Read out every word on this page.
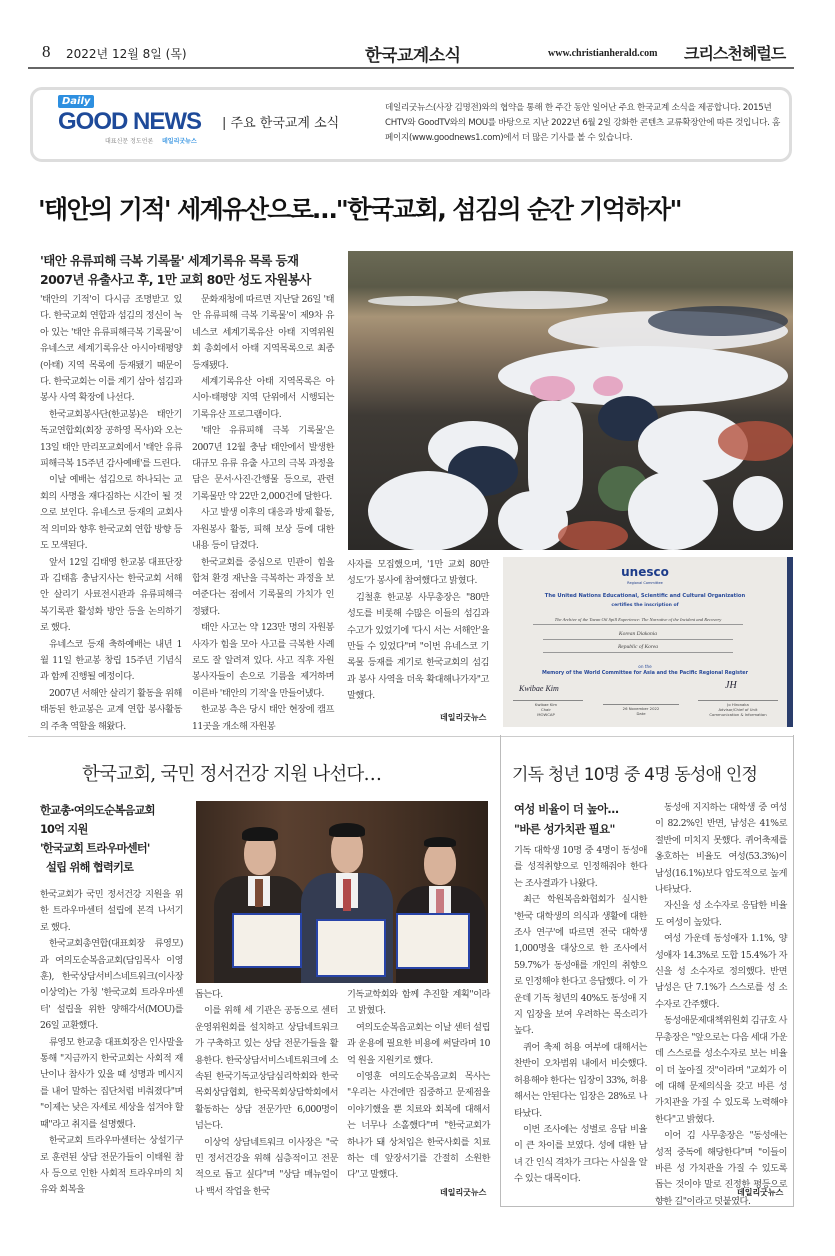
8 2022년 12월 8일 (목)	한국교계소식	www.christianherald.com 크리스천헤럴드
Daily
GOOD NEWS
대표신문 정도언론 데일리굿뉴스
| 주요 한국교계 소식
데일리굿뉴스(사장 김명전)와의 협약을 통해 한 주간 동안 일어난 주요 한국교계 소식을 제공합니다. 2015년 CHTV와 GoodTV와의 MOU를 바탕으로 지난 2022년 6월 2일 강화한 콘텐츠 교류확장안에 따른 것입니다. 홈페이지(www.goodnews1.com)에서 더 많은 기사를 볼 수 있습니다.
'태안의 기적' 세계유산으로…"한국교회, 섬김의 순간 기억하자"
'태안 유류피해 극복 기록물' 세계기록유 목록 등재
2007년 유출사고 후, 1만 교회 80만 성도 자원봉사

'태안의 기적'이 다시금 조명받고 있다. 한국교회 연합과 섬김의 정신이 녹아 있는 '태안 유류피해극복 기록물'이 유네스코 세계기록유산 아시아태평양(아태) 지역 목록에 등재됐기 때문이다. 한국교회는 이를 계기 삼아 섬김과 봉사 사역 확장에 나선다.

한국교회봉사단(한교봉)은 태안기독교연합회(회장 공하영 목사)와 오는 13일 태안 만리포교회에서 '태안 유류피해극복 15주년 감사예배'를 드린다.

이날 예배는 섬김으로 하나되는 교회의 사명을 재다짐하는 시간이 될 것으로 보인다. 유네스코 등재의 교회사적 의미와 향후 한국교회 연합 방향 등도 모색된다.

앞서 12일 김태영 한교봉 대표단장과 김태흠 충남지사는 한국교회 서해안 살리기 사료전시관과 유류피해극복기록관 활성화 방안 등을 논의하기로 했다.

유네스코 등재 축하예배는 내년 1월 11일 한교봉 창립 15주년 기념식과 함께 진행될 예정이다.

2007년 서해안 살리기 활동을 위해 태동된 한교봉은 교계 연합 봉사활동의 주축 역할을 해왔다.

문화재청에 따르면 지난달 26일 '태안 유류피해 극복 기록물'이 제9차 유네스코 세계기록유산 아태 지역위원회 총회에서 아태 지역목록으로 최종 등재됐다.

세계기록유산 아태 지역목록은 아시아·태평양 지역 단위에서 시행되는 기록유산 프로그램이다.

'태안 유류피해 극복 기록물'은 2007년 12월 충남 태안에서 발생한 대규모 유류 유출 사고의 극복 과정을 담은 문서·사진·간행물 등으로, 관련 기록물만 약 22만 2,000건에 달한다.

사고 발생 이후의 대응과 방제 활동, 자원봉사 활동, 피해 보상 등에 대한 내용 등이 담겼다.

한국교회를 중심으로 민관이 힘을 합쳐 환경 재난을 극복하는 과정을 보여준다는 점에서 기록물의 가치가 인정됐다.

태안 사고는 약 123만 명의 자원봉사자가 힘을 모아 사고를 극복한 사례로도 잘 알려져 있다. 사고 직후 자원봉사자들이 손으로 기름을 제거하며 이른바 '태안의 기적'을 만들어냈다.

한교봉 측은 당시 태안 현장에 캠프 11곳을 개소해 자원봉

사자를 모집했으며, '1만 교회 80만 성도'가 봉사에 참여했다고 밝혔다.

김철훈 한교봉 사무총장은 "80만 성도를 비롯해 수많은 이들의 섬김과 수고가 있었기에 '다시 서는 서해안'을 만들 수 있었다"며 "이번 유네스코 기록물 등재를 계기로 한국교회의 섬김과 봉사 사역을 더욱 확대해나가자"고 말했다.

데일리굿뉴스
unesco
Regional Committee
The United Nations Educational, Scientific and Cultural Organization
certifies the inscription of
The Archive of the Taean Oil Spill Experience: The Narrative of the Incident and Recovery
Korean Diakonia
Republic of Korea
on the
Memory of the World Committee for Asia and the Pacific Regional Register
Kwibae Kim	JH
Kwibae Kim
Chair
MOWCAP
26 November 2022
Date
Jo Hironaka
Advisor/Chief of Unit
Communication & Information
한국교회, 국민 정서건강 지원 나선다…
한교총·여의도순복음교회
10억 지원
'한국교회 트라우마센터'
설립 위해 협력키로

한국교회가 국민 정서건강 지원을 위한 트라우마센터 설립에 본격 나서기로 했다.

한국교회총연합(대표회장 류영모)과 여의도순복음교회(담임목사 이영훈), 한국상담서비스네트워크(이사장 이상억)는 가칭 '한국교회 트라우마센터' 설립을 위한 양해각서(MOU)를 26일 교환했다.

류영모 한교총 대표회장은 인사말을 통해 "지금까지 한국교회는 사회적 재난이나 참사가 있을 때 성명과 메시지를 내어 말하는 집단처럼 비춰졌다"며 "이제는 낮은 자세로 세상을 섬겨야 할 때"라고 취지를 설명했다.

한국교회 트라우마센터는 상설기구로 훈련된 상담 전문가들이 이태원 참사 등으로 인한 사회적 트라우마의 치유와 회복을

돕는다.

이를 위해 세 기관은 공동으로 센터운영위원회를 설치하고 상담네트워크가 구축하고 있는 상담 전문가들을 활용한다. 한국상담서비스네트워크에 소속된 한국기독교상담심리학회와 한국목회상담협회, 한국목회상담학회에서 활동하는 상담 전문가만 6,000명이 넘는다.

이상억 상담네트워크 이사장은 "국민 정서건강을 위해 심층적이고 전문적으로 돕고 싶다"며 "상담 매뉴얼이나 백서 작업을 한국

기독교학회와 함께 추진할 계획"이라고 밝혔다.

여의도순복음교회는 이날 센터 설립과 운용에 필요한 비용에 써달라며 10억 원을 지원키로 했다.

이영훈 여의도순복음교회 목사는 "우리는 사건에만 집중하고 문제점을 이야기했을 뿐 치료와 회복에 대해서는 너무나 소홀했다"며 "한국교회가 하나가 돼 상처입은 한국사회를 치료하는 데 앞장서기를 간절히 소원한다"고 말했다.

데일리굿뉴스
기독 청년 10명 중 4명 동성애 인정
여성 비율이 더 높아…
"바른 성가치관 필요"

기독 대학생 10명 중 4명이 동성애를 성적취향으로 인정해줘야 한다는 조사결과가 나왔다.

최근 학원복음화협회가 실시한 '한국 대학생의 의식과 생활에 대한 조사 연구'에 따르면 전국 대학생 1,000명을 대상으로 한 조사에서 59.7%가 동성애를 개인의 취향으로 인정해야 한다고 응답했다. 이 가운데 기독 청년의 40%도 동성애 지지 입장을 보여 우려하는 목소리가 높다.

퀴어 축제 허용 여부에 대해서는 찬반이 오차범위 내에서 비슷했다. 허용해야 한다는 입장이 33%, 허용해서는 안된다는 입장은 28%로 나타났다.

이번 조사에는 성별로 응답 비율이 큰 차이를 보였다. 성에 대한 남녀 간 인식 격차가 크다는 사실을 알 수 있는 대목이다.

동성애 지지하는 대학생 중 여성이 82.2%인 반면, 남성은 41%로 절반에 미치지 못했다. 퀴어축제를 옹호하는 비율도 여성(53.3%)이 남성(16.1%)보다 압도적으로 높게 나타났다.

자신을 성 소수자로 응답한 비율도 여성이 높았다.

여성 가운데 동성애자 1.1%, 양성애자 14.3%로 도합 15.4%가 자신을 성 소수자로 정의했다. 반면 남성은 단 7.1%가 스스로를 성 소수자로 간주했다.

동성애문제대책위원회 김규호 사무총장은 "앞으로는 다음 세대 가운데 스스로를 성소수자로 보는 비율이 더 높아질 것"이라며 "교회가 이에 대해 문제의식을 갖고 바른 성 가치관을 가질 수 있도록 노력해야 한다"고 밝혔다.

이어 김 사무총장은 "동성애는 성적 중독에 해당한다"며 "이들이 바른 성 가치관을 가질 수 있도록 돕는 것이야 말로 진정한 평등으로 향한 길"이라고 덧붙였다.

데일리굿뉴스
